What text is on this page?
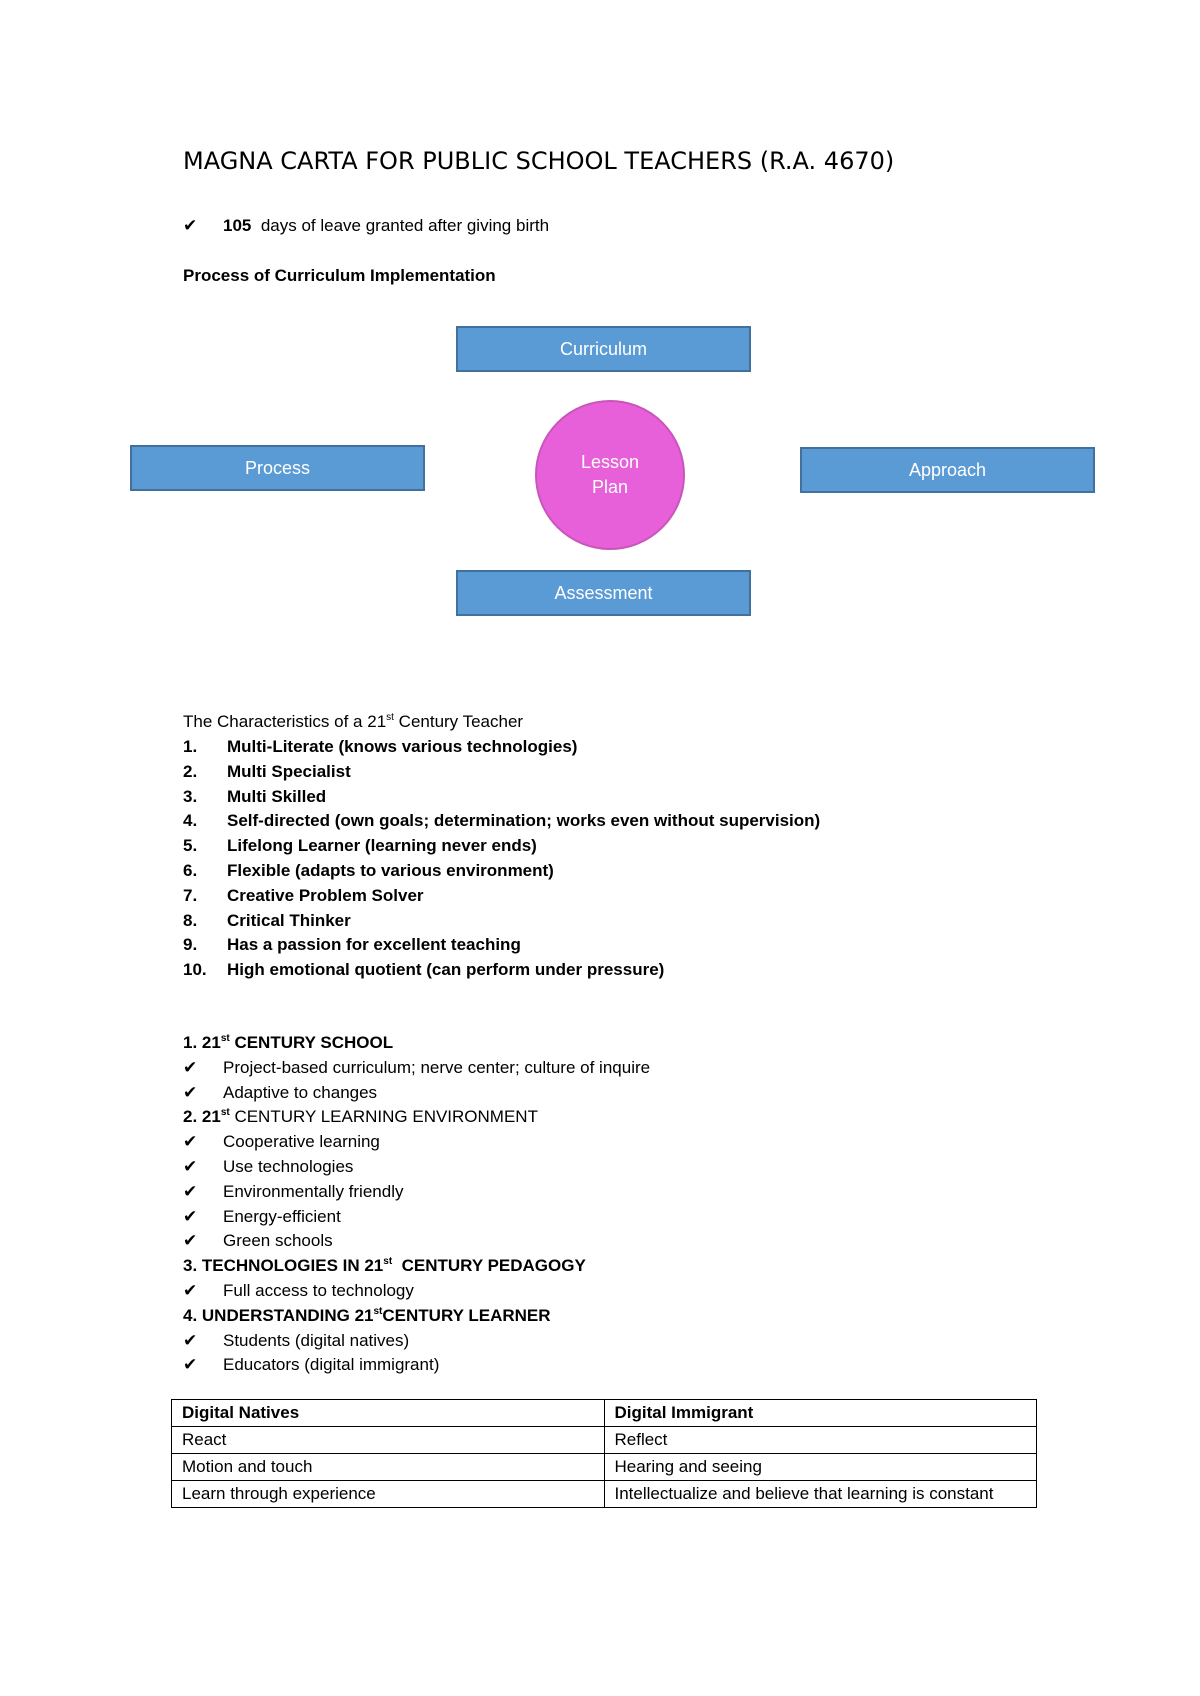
MAGNA CARTA FOR PUBLIC SCHOOL TEACHERS (R.A. 4670)
✔ 105 days of leave granted after giving birth
Process of Curriculum Implementation
Curriculum
Process	Approach
Assessment
Lesson
Plan
The Characteristics of a 21st Century Teacher
1.	Multi-Literate (knows various technologies)
2.	Multi Specialist
3.	Multi Skilled
4.	Self-directed (own goals; determination; works even without supervision)
5.	Lifelong Learner (learning never ends)
6.	Flexible (adapts to various environment)
7.	Creative Problem Solver
8.	Critical Thinker
9.	Has a passion for excellent teaching
10.	High emotional quotient (can perform under pressure)
1. 21st CENTURY SCHOOL
✔ Project-based curriculum; nerve center; culture of inquire
✔ Adaptive to changes
2. 21st CENTURY LEARNING ENVIRONMENT
✔ Cooperative learning
✔ Use technologies
✔ Environmentally friendly
✔ Energy-efficient
✔ Green schools
3. TECHNOLOGIES IN 21st  CENTURY PEDAGOGY
✔ Full access to technology
4. UNDERSTANDING 21stCENTURY LEARNER
✔ Students (digital natives)
✔ Educators (digital immigrant)
Digital Natives	Digital Immigrant
React	Reflect
Motion and touch	Hearing and seeing
Learn through experience	Intellectualize and believe that learning is constant
